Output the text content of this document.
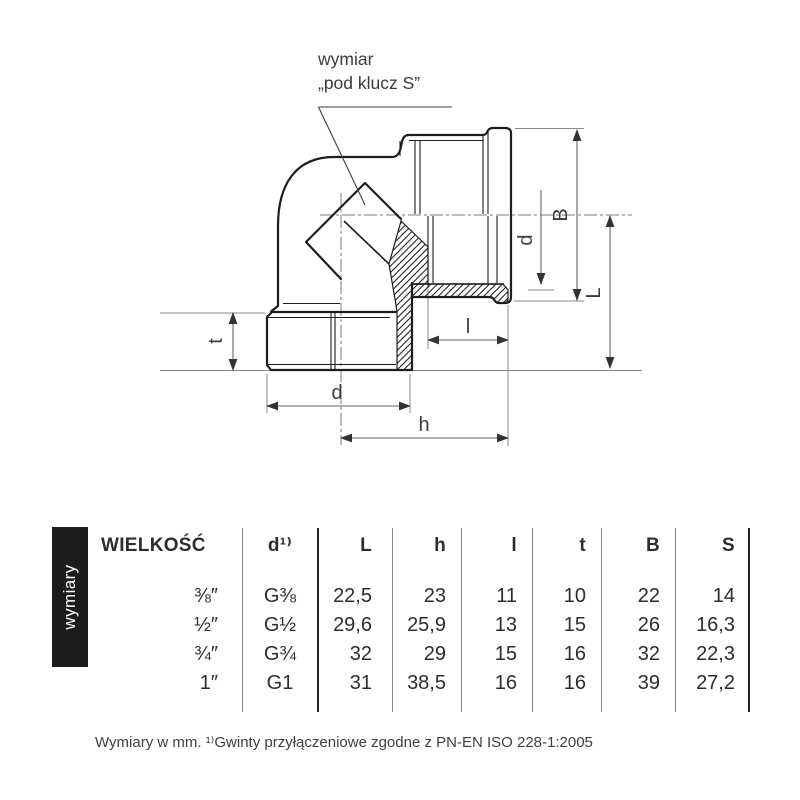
wymiar
„pod klucz S”
t
d
h
l
B
L
d
wymiary
WIELKOŚĆ	d¹⁾	L	h	l	t	B	S
⅜″	G⅜	22,5	23	11	10	22	14
½″	G½	29,6	25,9	13	15	26	16,3
¾″	G¾	32	29	15	16	32	22,3
1″	G1	31	38,5	16	16	39	27,2
Wymiary w mm. ¹⁾Gwinty przyłączeniowe zgodne z PN-EN ISO 228-1:2005
